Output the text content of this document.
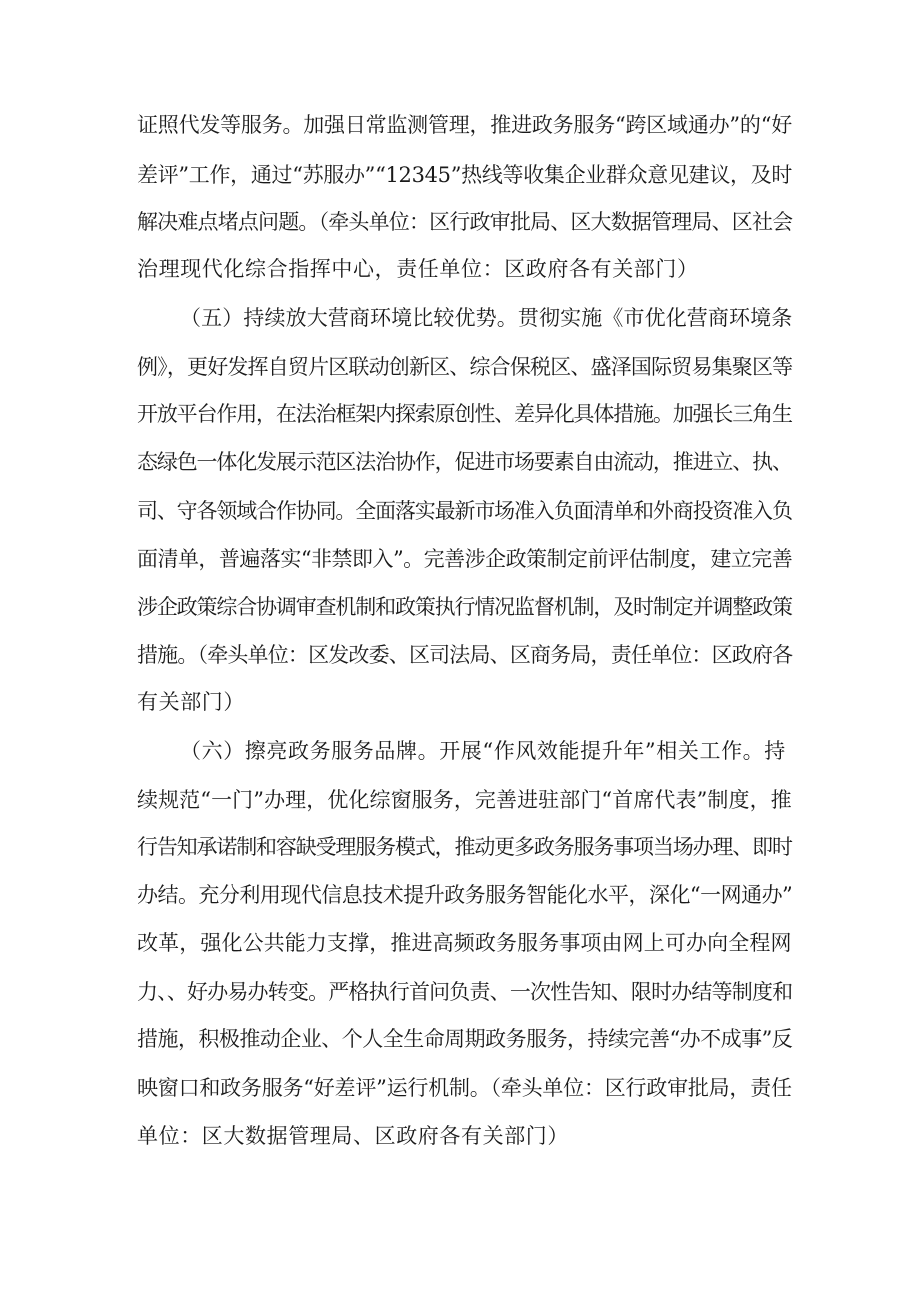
证照代发等服务。加强日常监测管理，推进政务服务“跨区域通办”的“好
差评”工作，通过“苏服办”“12345”热线等收集企业群众意见建议，及时
解决难点堵点问题。（牵头单位：区行政审批局、区大数据管理局、区社会
治理现代化综合指挥中心，责任单位：区政府各有关部门）
（五）持续放大营商环境比较优势。贯彻实施《市优化营商环境条
例》，更好发挥自贸片区联动创新区、综合保税区、盛泽国际贸易集聚区等
开放平台作用，在法治框架内探索原创性、差异化具体措施。加强长三角生
态绿色一体化发展示范区法治协作，促进市场要素自由流动，推进立、执、
司、守各领域合作协同。全面落实最新市场准入负面清单和外商投资准入负
面清单，普遍落实“非禁即入”。完善涉企政策制定前评估制度，建立完善
涉企政策综合协调审查机制和政策执行情况监督机制，及时制定并调整政策
措施。（牵头单位：区发改委、区司法局、区商务局，责任单位：区政府各
有关部门）
（六）擦亮政务服务品牌。开展“作风效能提升年”相关工作。持
续规范“一门”办理，优化综窗服务，完善进驻部门“首席代表”制度，推
行告知承诺制和容缺受理服务模式，推动更多政务服务事项当场办理、即时
办结。充分利用现代信息技术提升政务服务智能化水平，深化“一网通办”
改革，强化公共能力支撑，推进高频政务服务事项由网上可办向全程网
力、、好办易办转变。严格执行首问负责、一次性告知、限时办结等制度和
措施，积极推动企业、个人全生命周期政务服务，持续完善“办不成事”反
映窗口和政务服务“好差评”运行机制。（牵头单位：区行政审批局，责任
单位：区大数据管理局、区政府各有关部门）
